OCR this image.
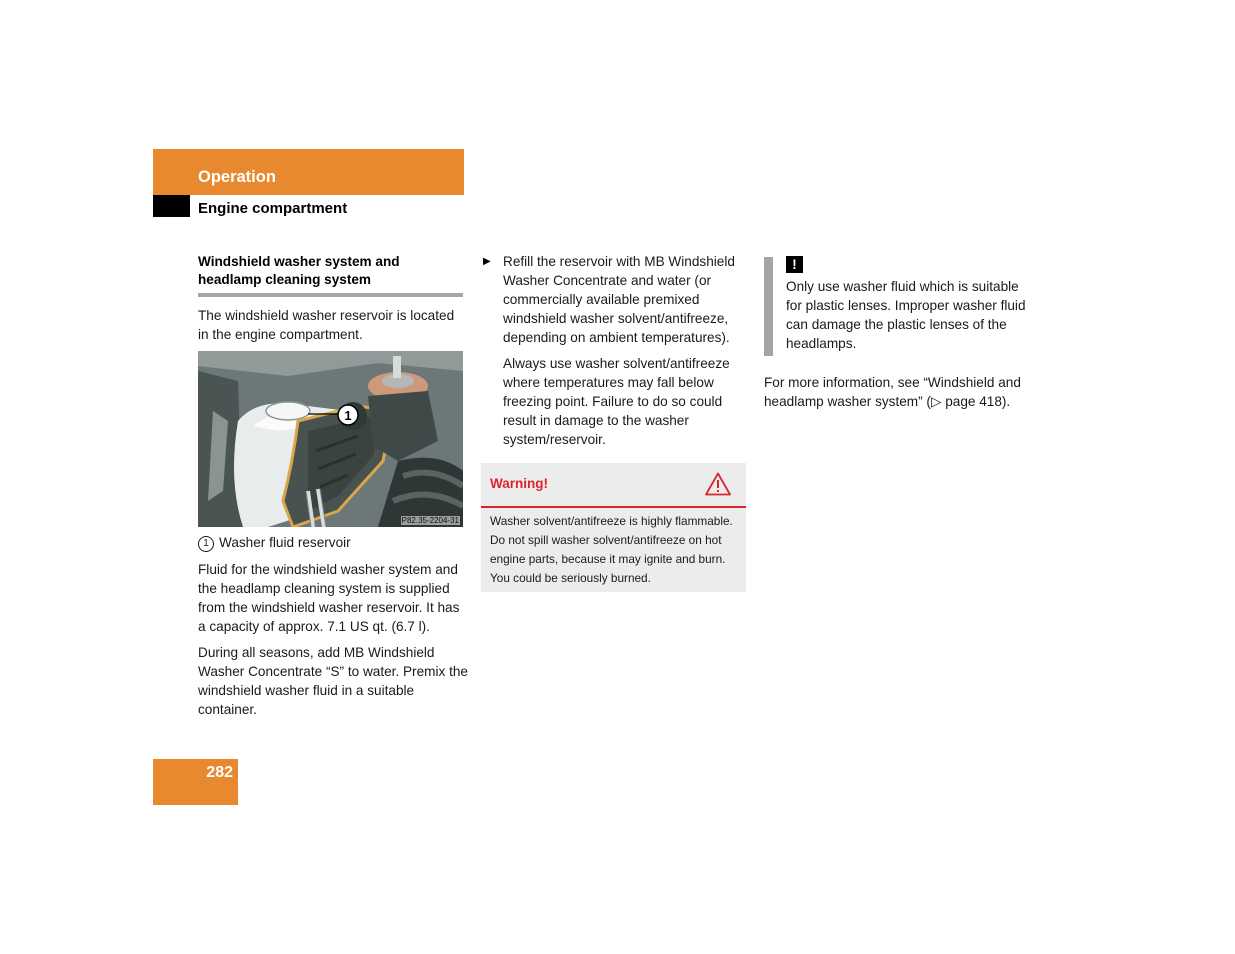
Operation
Engine compartment
Windshield washer system and headlamp cleaning system

The windshield washer reservoir is located in the engine compartment.

1
P82.35-2204-31
1 Washer fluid reservoir

Fluid for the windshield washer system and the headlamp cleaning system is supplied from the windshield washer reservoir. It has a capacity of approx. 7.1 US qt. (6.7 l).

During all seasons, add MB Windshield Washer Concentrate “S” to water. Premix the windshield washer fluid in a suitable container.

▶ Refill the reservoir with MB Windshield Washer Concentrate and water (or commercially available premixed windshield washer solvent/antifreeze, depending on ambient temperatures).

Always use washer solvent/antifreeze where temperatures may fall below freezing point. Failure to do so could result in damage to the washer system/reservoir.

Warning!
Washer solvent/antifreeze is highly flammable. Do not spill washer solvent/antifreeze on hot engine parts, because it may ignite and burn. You could be seriously burned.
!

Only use washer fluid which is suitable for plastic lenses. Improper washer fluid can damage the plastic lenses of the headlamps.

For more information, see “Windshield and headlamp washer system” (▷ page 418).

282
